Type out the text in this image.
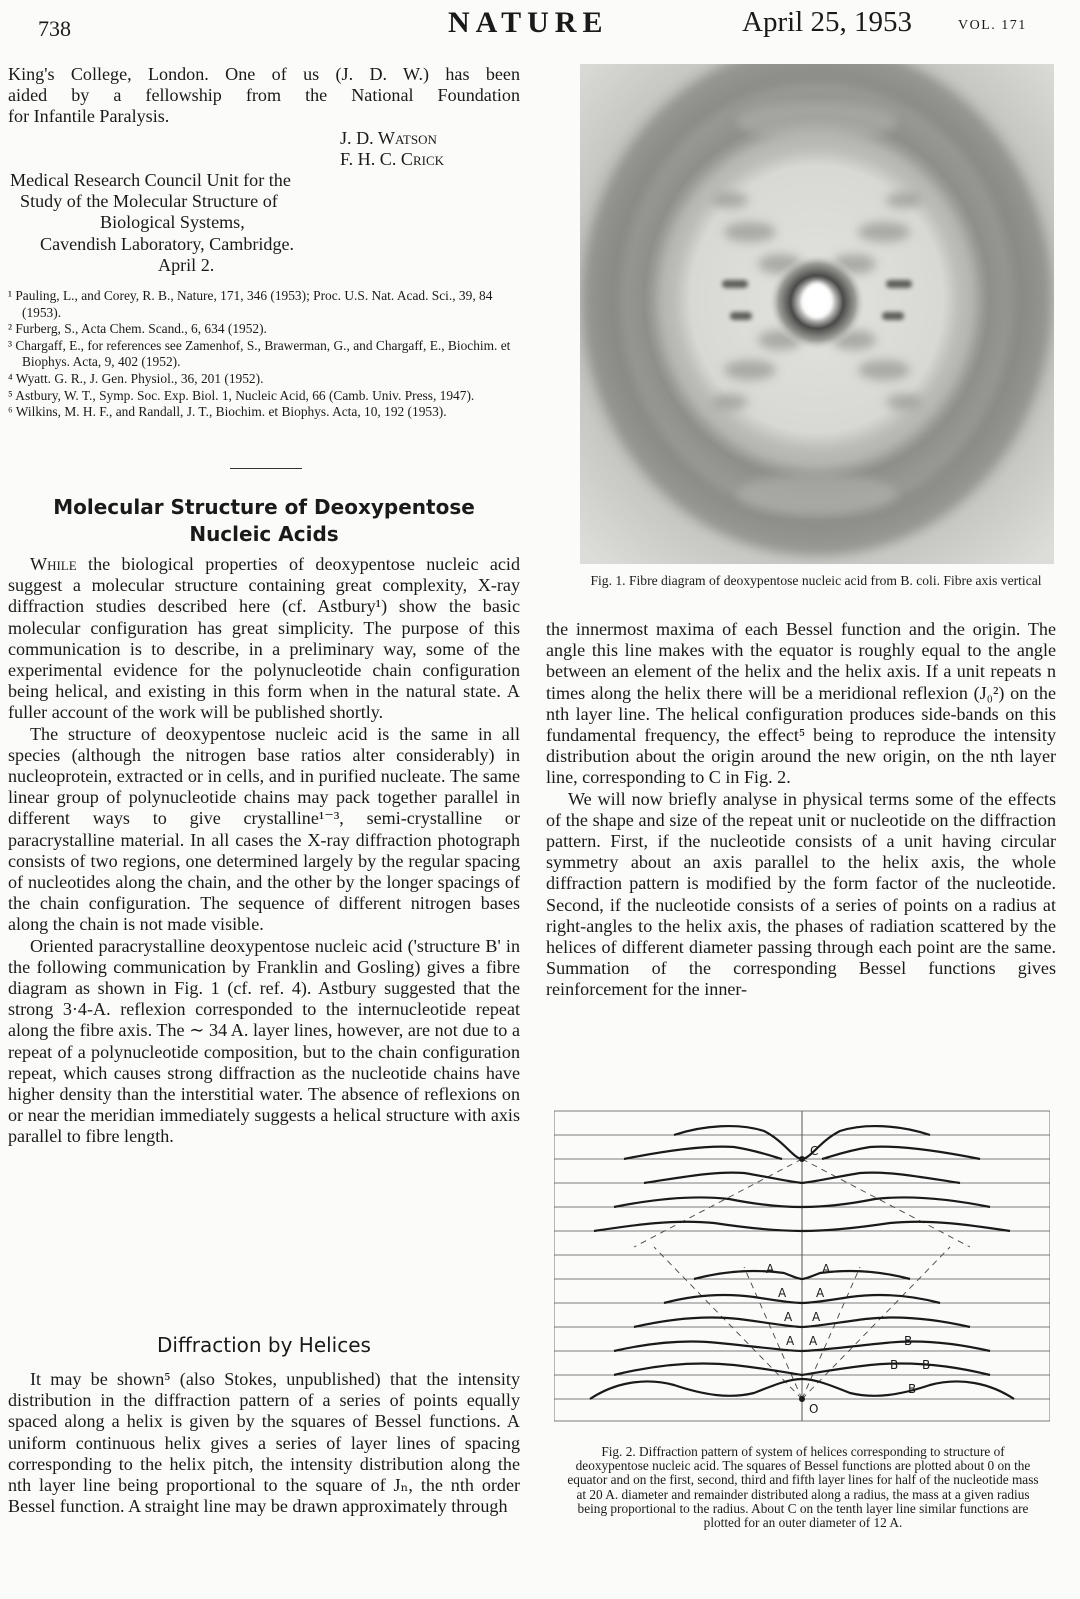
738	NATURE	April 25, 1953	VOL. 171
King's College, London. One of us (J. D. W.) has been
aided by a fellowship from the National Foundation
for Infantile Paralysis.
J. D. Watson
F. H. C. Crick
Medical Research Council Unit for the
Study of the Molecular Structure of
Biological Systems,
Cavendish Laboratory, Cambridge.
April 2.

¹ Pauling, L., and Corey, R. B., Nature, 171, 346 (1953); Proc. U.S. Nat. Acad. Sci., 39, 84 (1953).

² Furberg, S., Acta Chem. Scand., 6, 634 (1952).

³ Chargaff, E., for references see Zamenhof, S., Brawerman, G., and Chargaff, E., Biochim. et Biophys. Acta, 9, 402 (1952).

⁴ Wyatt. G. R., J. Gen. Physiol., 36, 201 (1952).

⁵ Astbury, W. T., Symp. Soc. Exp. Biol. 1, Nucleic Acid, 66 (Camb. Univ. Press, 1947).

⁶ Wilkins, M. H. F., and Randall, J. T., Biochim. et Biophys. Acta, 10, 192 (1953).

Molecular Structure of Deoxypentose
Nucleic Acids

While the biological properties of deoxypentose nucleic acid suggest a molecular structure containing great complexity, X-ray diffraction studies described here (cf. Astbury¹) show the basic molecular configuration has great simplicity. The purpose of this communication is to describe, in a preliminary way, some of the experimental evidence for the polynucleotide chain configuration being helical, and existing in this form when in the natural state. A fuller account of the work will be published shortly.

The structure of deoxypentose nucleic acid is the same in all species (although the nitrogen base ratios alter considerably) in nucleoprotein, extracted or in cells, and in purified nucleate. The same linear group of polynucleotide chains may pack together parallel in different ways to give crystalline¹⁻³, semi-crystalline or paracrystalline material. In all cases the X-ray diffraction photograph consists of two regions, one determined largely by the regular spacing of nucleotides along the chain, and the other by the longer spacings of the chain configuration. The sequence of different nitrogen bases along the chain is not made visible.

Oriented paracrystalline deoxypentose nucleic acid ('structure B' in the following communication by Franklin and Gosling) gives a fibre diagram as shown in Fig. 1 (cf. ref. 4). Astbury suggested that the strong 3·4-A. reflexion corresponded to the internucleotide repeat along the fibre axis. The ∼ 34 A. layer lines, however, are not due to a repeat of a polynucleotide composition, but to the chain configuration repeat, which causes strong diffraction as the nucleotide chains have higher density than the interstitial water. The absence of reflexions on or near the meridian immediately suggests a helical structure with axis parallel to fibre length.

Diffraction by Helices

It may be shown⁵ (also Stokes, unpublished) that the intensity distribution in the diffraction pattern of a series of points equally spaced along a helix is given by the squares of Bessel functions. A uniform continuous helix gives a series of layer lines of spacing corresponding to the helix pitch, the intensity distribution along the nth layer line being proportional to the square of Jₙ, the nth order Bessel function. A straight line may be drawn approximately through

Fig. 1. Fibre diagram of deoxypentose nucleic acid from B. coli. Fibre axis vertical

the innermost maxima of each Bessel function and the origin. The angle this line makes with the equator is roughly equal to the angle between an element of the helix and the helix axis. If a unit repeats n times along the helix there will be a meridional reflexion (J₀²) on the nth layer line. The helical configuration produces side-bands on this fundamental frequency, the effect⁵ being to reproduce the intensity distribution about the origin around the new origin, on the nth layer line, corresponding to C in Fig. 2.

We will now briefly analyse in physical terms some of the effects of the shape and size of the repeat unit or nucleotide on the diffraction pattern. First, if the nucleotide consists of a unit having circular symmetry about an axis parallel to the helix axis, the whole diffraction pattern is modified by the form factor of the nucleotide. Second, if the nucleotide consists of a series of points on a radius at right-angles to the helix axis, the phases of radiation scattered by the helices of different diameter passing through each point are the same. Summation of the corresponding Bessel functions gives reinforcement for the inner-

C
O
A	A
A A
A A
A A	B
B B
B
Fig. 2. Diffraction pattern of system of helices corresponding to structure of deoxypentose nucleic acid. The squares of Bessel functions are plotted about 0 on the equator and on the first, second, third and fifth layer lines for half of the nucleotide mass at 20 A. diameter and remainder distributed along a radius, the mass at a given radius being proportional to the radius. About C on the tenth layer line similar functions are plotted for an outer diameter of 12 A.
